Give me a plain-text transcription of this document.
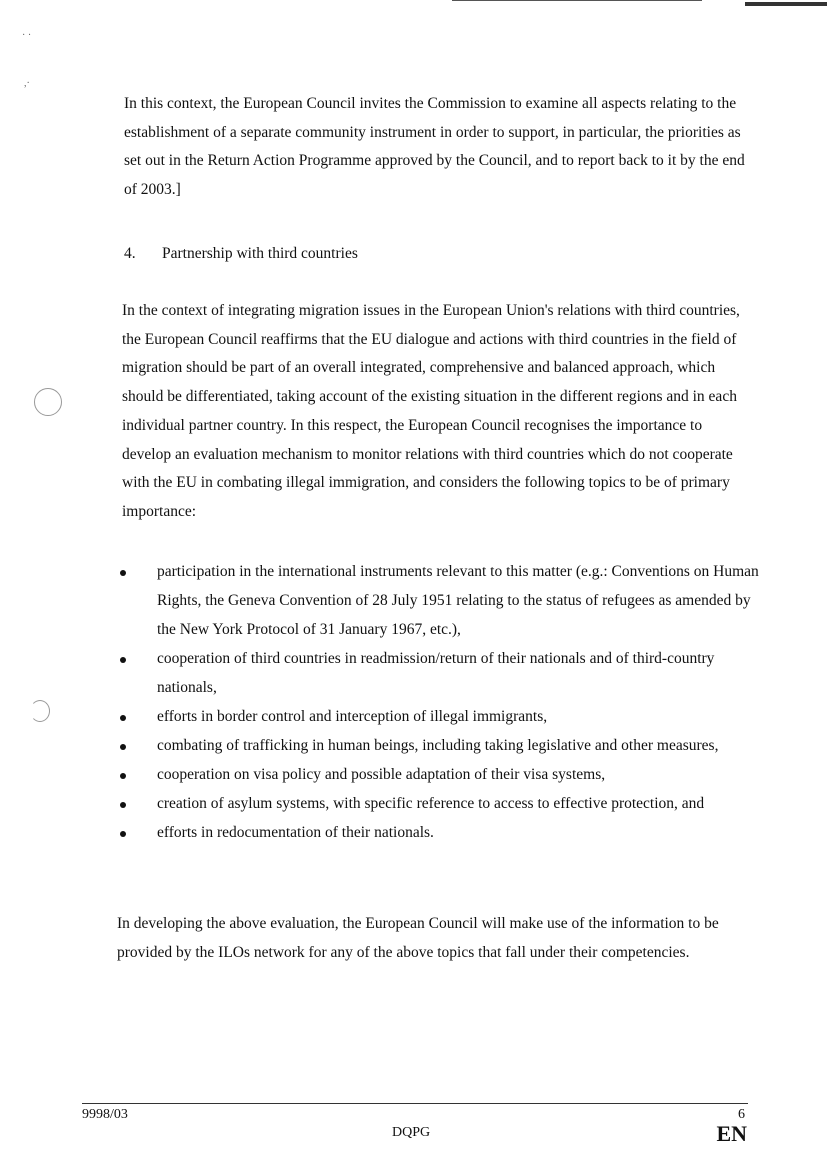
· ·
,·

In this context, the European Council invites the Commission to examine all aspects relating to the establishment of a separate community instrument in order to support, in particular, the priorities as set out in the Return Action Programme approved by the Council, and to report back to it by the end of 2003.]

4. Partnership with third countries

In the context of integrating migration issues in the European Union's relations with third countries, the European Council reaffirms that the EU dialogue and actions with third countries in the field of migration should be part of an overall integrated, comprehensive and balanced approach, which should be differentiated, taking account of the existing situation in the different regions and in each individual partner country. In this respect, the European Council recognises the importance to develop an evaluation mechanism to monitor relations with third countries which do not cooperate with the EU in combating illegal immigration, and considers the following topics to be of primary importance:

participation in the international instruments relevant to this matter (e.g.: Conventions on Human Rights, the Geneva Convention of 28 July 1951 relating to the status of refugees as amended by the New York Protocol of 31 January 1967, etc.),
cooperation of third countries in readmission/return of their nationals and of third-country nationals,
efforts in border control and interception of illegal immigrants,
combating of trafficking in human beings, including taking legislative and other measures,
cooperation on visa policy and possible adaptation of their visa systems,
creation of asylum systems, with specific reference to access to effective protection, and
efforts in redocumentation of their nationals.

In developing the above evaluation, the European Council will make use of the information to be provided by the ILOs network for any of the above topics that fall under their competencies.

9998/03
DQPG
6
EN
